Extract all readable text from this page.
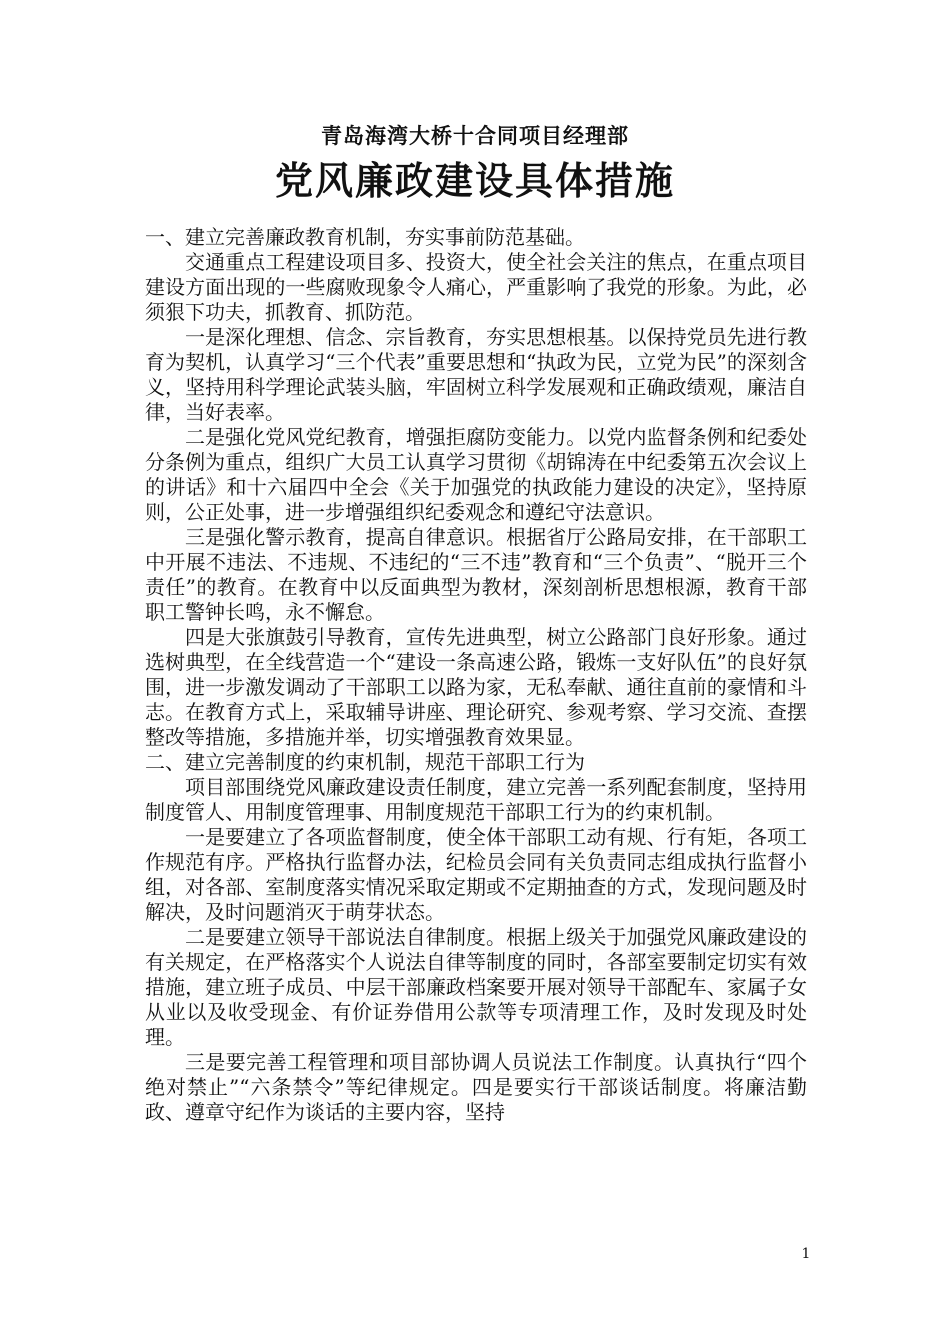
青岛海湾大桥十合同项目经理部
党风廉政建设具体措施

一、建立完善廉政教育机制，夯实事前防范基础。

交通重点工程建设项目多、投资大，使全社会关注的焦点，在重点项目建设方面出现的一些腐败现象令人痛心，严重影响了我党的形象。为此，必须狠下功夫，抓教育、抓防范。

一是深化理想、信念、宗旨教育，夯实思想根基。以保持党员先进行教育为契机，认真学习“三个代表”重要思想和“执政为民，立党为民”的深刻含义，坚持用科学理论武装头脑，牢固树立科学发展观和正确政绩观，廉洁自律，当好表率。

二是强化党风党纪教育，增强拒腐防变能力。以党内监督条例和纪委处分条例为重点，组织广大员工认真学习贯彻《胡锦涛在中纪委第五次会议上的讲话》和十六届四中全会《关于加强党的执政能力建设的决定》，坚持原则，公正处事，进一步增强组织纪委观念和遵纪守法意识。

三是强化警示教育，提高自律意识。根据省厅公路局安排，在干部职工中开展不违法、不违规、不违纪的“三不违”教育和“三个负责”、“脱开三个责任”的教育。在教育中以反面典型为教材，深刻剖析思想根源，教育干部职工警钟长鸣，永不懈怠。

四是大张旗鼓引导教育，宣传先进典型，树立公路部门良好形象。通过选树典型，在全线营造一个“建设一条高速公路，锻炼一支好队伍”的良好氛围，进一步激发调动了干部职工以路为家，无私奉献、通往直前的豪情和斗志。在教育方式上，采取辅导讲座、理论研究、参观考察、学习交流、查摆整改等措施，多措施并举，切实增强教育效果显。

二、建立完善制度的约束机制，规范干部职工行为

项目部围绕党风廉政建设责任制度，建立完善一系列配套制度，坚持用制度管人、用制度管理事、用制度规范干部职工行为的约束机制。

一是要建立了各项监督制度，使全体干部职工动有规、行有矩，各项工作规范有序。严格执行监督办法，纪检员会同有关负责同志组成执行监督小组，对各部、室制度落实情况采取定期或不定期抽查的方式，发现问题及时解决，及时问题消灭于萌芽状态。

二是要建立领导干部说法自律制度。根据上级关于加强党风廉政建设的有关规定，在严格落实个人说法自律等制度的同时，各部室要制定切实有效措施，建立班子成员、中层干部廉政档案要开展对领导干部配车、家属子女从业以及收受现金、有价证券借用公款等专项清理工作，及时发现及时处理。

三是要完善工程管理和项目部协调人员说法工作制度。认真执行“四个绝对禁止”“六条禁令”等纪律规定。四是要实行干部谈话制度。将廉洁勤政、遵章守纪作为谈话的主要内容，坚持

1
